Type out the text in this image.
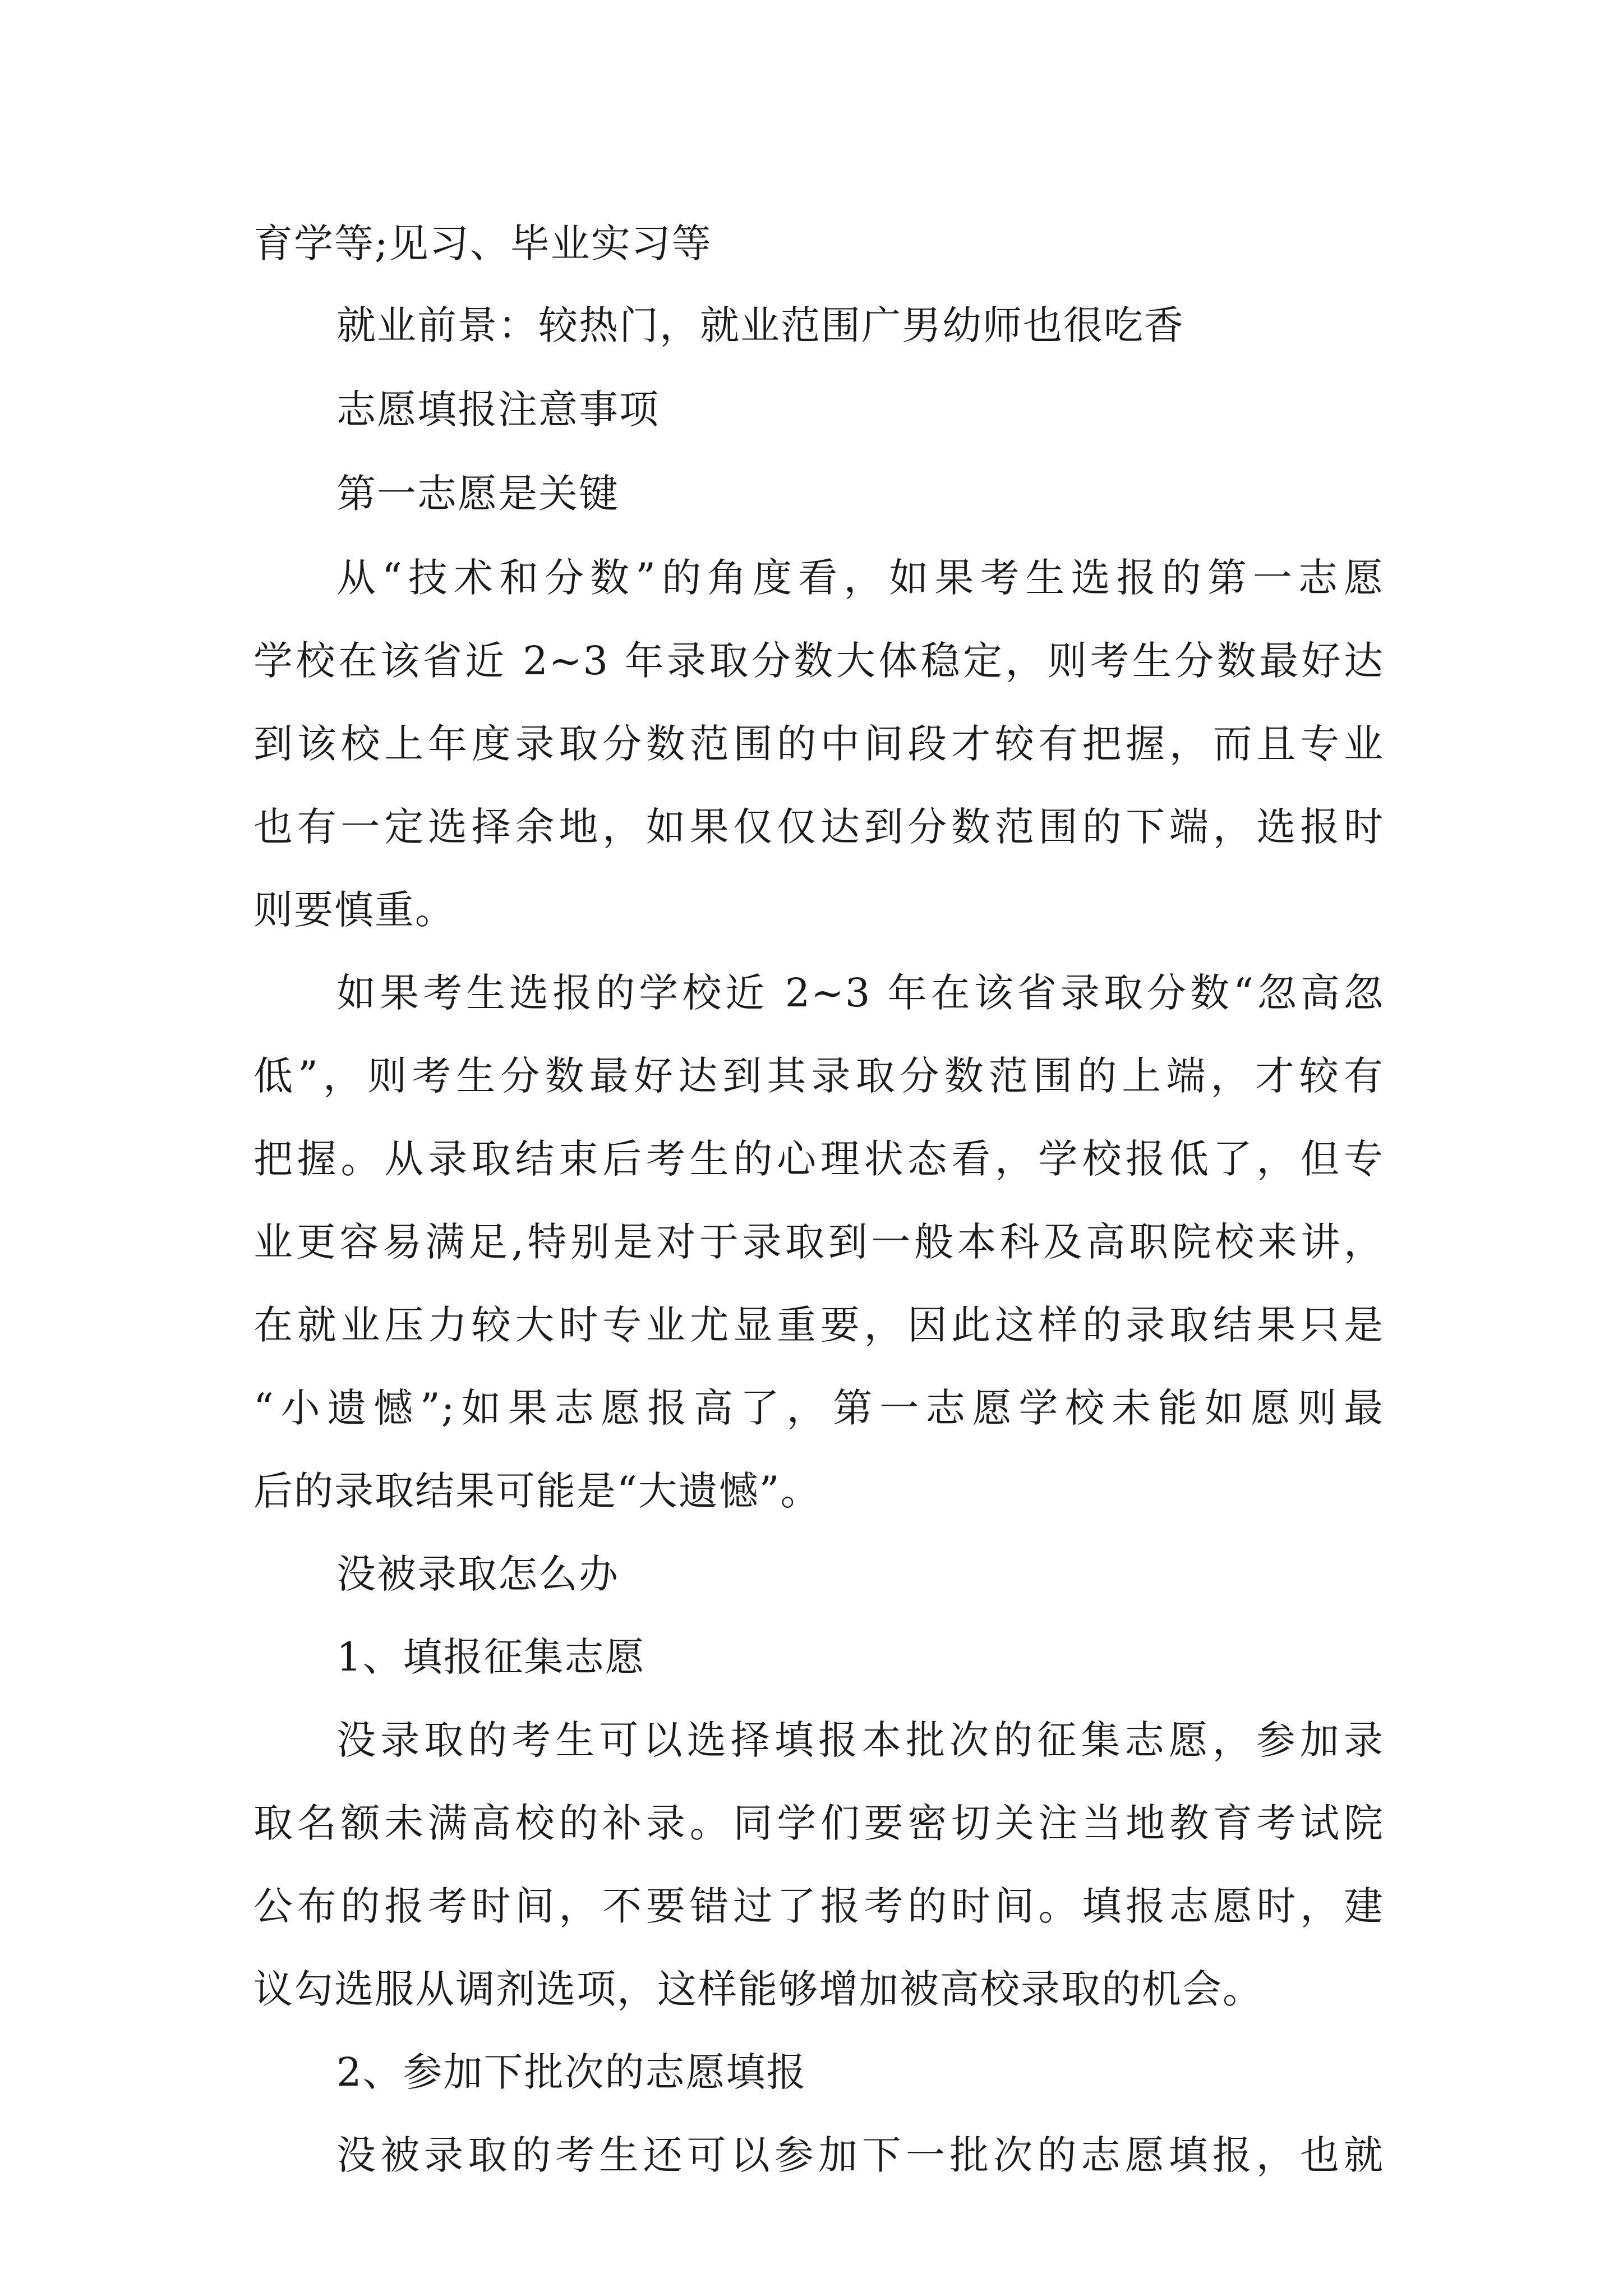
育学等;见习、毕业实习等
就业前景：较热门，就业范围广男幼师也很吃香
志愿填报注意事项
第一志愿是关键
从“技术和分数”的角度看，如果考生选报的第一志愿
学校在该省近 2~3 年录取分数大体稳定，则考生分数最好达
到该校上年度录取分数范围的中间段才较有把握，而且专业
也有一定选择余地，如果仅仅达到分数范围的下端，选报时
则要慎重。
如果考生选报的学校近 2~3 年在该省录取分数“忽高忽
低”，则考生分数最好达到其录取分数范围的上端，才较有
把握。从录取结束后考生的心理状态看，学校报低了，但专
业更容易满足,特别是对于录取到一般本科及高职院校来讲，
在就业压力较大时专业尤显重要，因此这样的录取结果只是
“小遗憾”;如果志愿报高了，第一志愿学校未能如愿则最
后的录取结果可能是“大遗憾”。
没被录取怎么办
1、填报征集志愿
没录取的考生可以选择填报本批次的征集志愿，参加录
取名额未满高校的补录。同学们要密切关注当地教育考试院
公布的报考时间，不要错过了报考的时间。填报志愿时，建
议勾选服从调剂选项，这样能够增加被高校录取的机会。
2、参加下批次的志愿填报
没被录取的考生还可以参加下一批次的志愿填报，也就
